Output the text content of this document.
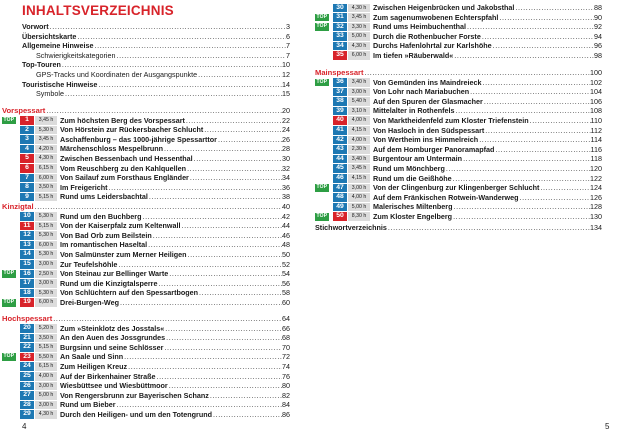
INHALTSVERZEICHNIS
Vorwort .....	3
Übersichtskarte .....	6
Allgemeine Hinweise .....	7
Schwierigkeitskategorien .....	7
Top-Touren .....	10
GPS-Tracks und Koordinaten der Ausgangspunkte .....	12
Touristische Hinweise .....	14
Symbole .....	15
Vorspessart .....	20
TOP	1	3,45 h Zum höchsten Berg des Vorspessart .....	22
2	5,30 h Von Hörstein zur Rückersbacher Schlucht .....	24
3	3,45 h Aschaffenburg – das 1000-jährige Spessarttor .....	26
4	4,20 h Märchenschloss Mespelbrunn .....	28
5	4,30 h Zwischen Bessenbach und Hessenthal .....	30
6	6,15 h Vom Reuschberg zu den Kahlquellen .....	32
7	6,00 h Von Sailauf zum Forsthaus Engländer .....	34
8	3,50 h Im Freigericht .....	36
9	5,15 h Rund ums Leidersbachtal .....	38
Kinzigtal .....	40
10	5,30 h Rund um den Buchberg .....	42
11	5,15 h Von der Kaiserpfalz zum Keltenwall .....	44
12	5,30 h Von Bad Orb zum Beilstein .....	46
13	6,00 h Im romantischen Haseltal .....	48
14	5,30 h Von Salmünster zum Merner Heiligen .....	50
15	3,00 h Zur Teufelshöhle .....	52
TOP	16	2,50 h Von Steinau zur Bellinger Warte .....	54
17	3,00 h Rund um die Kinzigtalsperre .....	56
18	5,30 h Von Schlüchtern auf den Spessartbogen .....	58
TOP	19	6,00 h Drei-Burgen-Weg .....	60
Hochspessart .....	64
20	5,20 h Zum »Steinklotz des Josstals« .....	66
21	3,50 h An den Auen des Jossgrundes .....	68
22	5,15 h Burgsinn und seine Schlösser .....	70
TOP	23	5,50 h An Saale und Sinn .....	72
24	6,15 h Zum Heiligen Kreuz .....	74
25	4,00 h Auf der Birkenhainer Straße .....	76
26	3,00 h Wiesbüttsee und Wiesbüttmoor .....	80
27	5,00 h Von Rengersbrunn zur Bayerischen Schanz .....	82
28	3,00 h Rund um Bieber .....	84
29	4,30 h Durch den Heiligen- und um den Totengrund .....	86

4

30	4,30 h Zwischen Heigenbrücken und Jakobsthal .....	88
TOP	31	3,45 h Zum sagenumwobenen Echterspfahl .....	90
TOP	32	3,30 h Rund ums Heimbuchenthal .....	92
33	5,00 h Durch die Rothenbucher Forste .....	94
34	4,30 h Durchs Hafenlohrtal zur Karlshöhe .....	96
35	6,00 h Im tiefen »Räuberwald« .....	98
Mainspessart .....	100
TOP	36	3,40 h Von Gemünden ins Maindreieck .....	102
37	3,00 h Von Lohr nach Mariabuchen .....	104
38	5,40 h Auf den Spuren der Glasmacher .....	106
39	3,10 h Mittelalter in Rothenfels .....	108
40	4,00 h Von Marktheidenfeld zum Kloster Triefenstein .....	110
41	4,15 h Von Hasloch in den Südspessart .....	112
42	4,00 h Von Wertheim ins Himmelreich .....	114
43	2,30 h Auf dem Homburger Panoramapfad .....	116
44	3,40 h Burgentour am Untermain .....	118
45	3,45 h Rund um Mönchberg .....	120
46	4,15 h Rund um die Geißhöhe .....	122
TOP	47	3,00 h Von der Clingenburg zur Klingenberger Schlucht .....	124
48	4,00 h Auf dem Fränkischen Rotwein-Wanderweg .....	126
49	5,00 h Malerisches Miltenberg .....	128
TOP	50	8,30 h Zum Kloster Engelberg .....	130
Stichwortverzeichnis .....	134

5
